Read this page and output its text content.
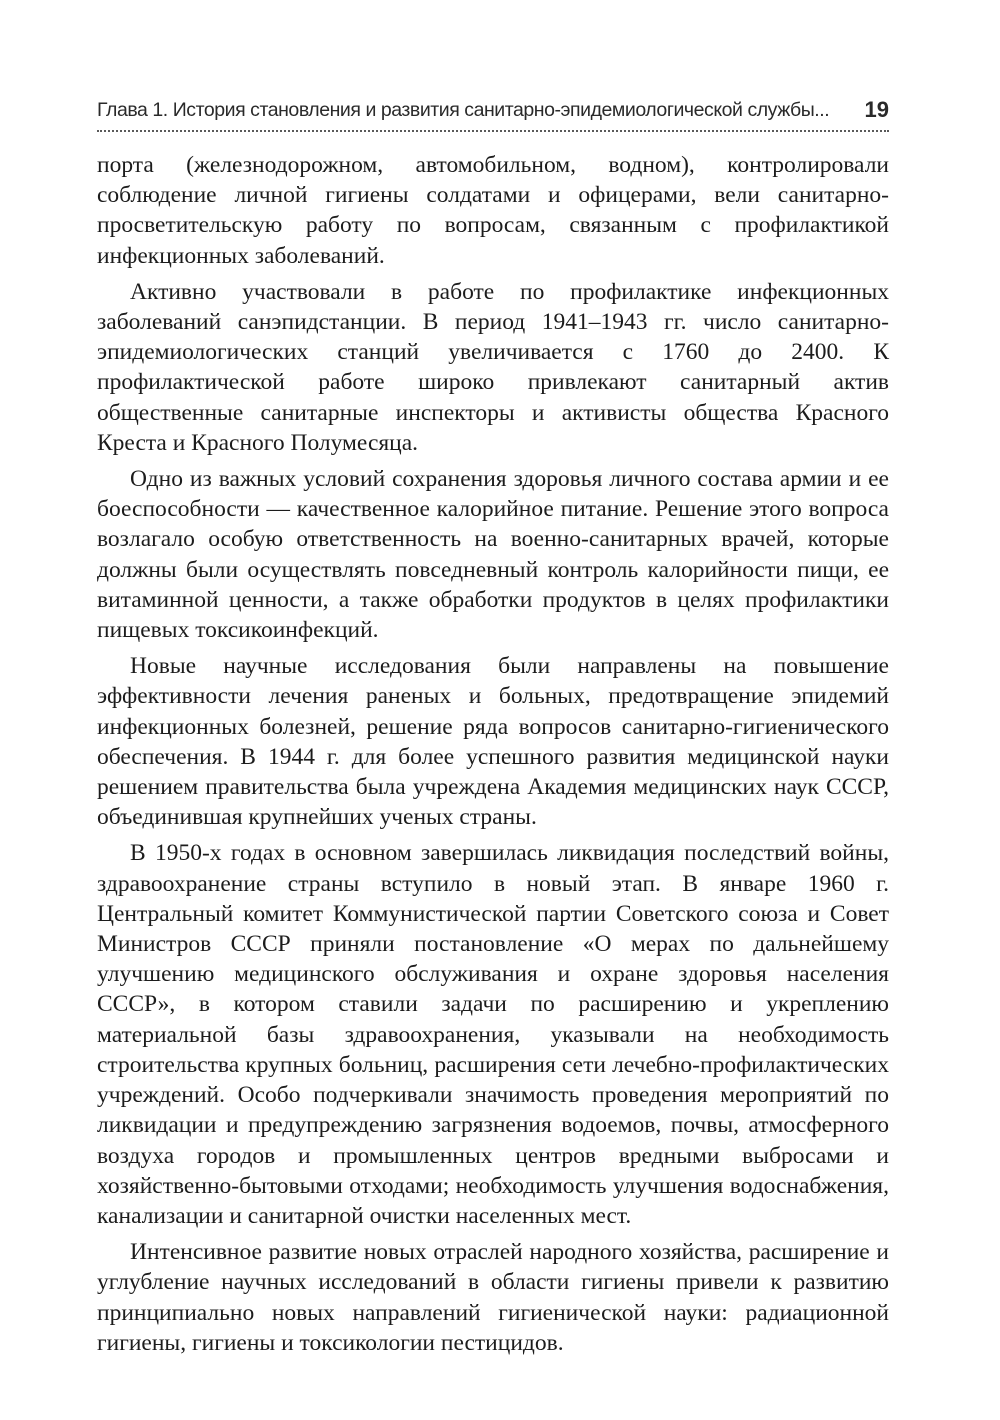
Глава 1. История становления и развития санитарно-эпидемиологической службы... 19

порта (железнодорожном, автомобильном, водном), контролировали соблюдение личной гигиены солдатами и офицерами, вели санитарно-просветительскую работу по вопросам, связанным с профилактикой инфекционных заболеваний.

Активно участвовали в работе по профилактике инфекционных заболеваний санэпидстанции. В период 1941–1943 гг. число санитарно-эпидемиологических станций увеличивается с 1760 до 2400. К профилактической работе широко привлекают санитарный актив общественные санитарные инспекторы и активисты общества Красного Креста и Красного Полумесяца.

Одно из важных условий сохранения здоровья личного состава армии и ее боеспособности — качественное калорийное питание. Решение этого вопроса возлагало особую ответственность на военно-санитарных врачей, которые должны были осуществлять повседневный контроль калорийности пищи, ее витаминной ценности, а также обработки продуктов в целях профилактики пищевых токсикоинфекций.

Новые научные исследования были направлены на повышение эффективности лечения раненых и больных, предотвращение эпидемий инфекционных болезней, решение ряда вопросов санитарно-гигиенического обеспечения. В 1944 г. для более успешного развития медицинской науки решением правительства была учреждена Академия медицинских наук СССР, объединившая крупнейших ученых страны.

В 1950-х годах в основном завершилась ликвидация последствий войны, здравоохранение страны вступило в новый этап. В январе 1960 г. Центральный комитет Коммунистической партии Советского союза и Совет Министров СССР приняли постановление «О мерах по дальнейшему улучшению медицинского обслуживания и охране здоровья населения СССР», в котором ставили задачи по расширению и укреплению материальной базы здравоохранения, указывали на необходимость строительства крупных больниц, расширения сети лечебно-профилактических учреждений. Особо подчеркивали значимость проведения мероприятий по ликвидации и предупреждению загрязнения водоемов, почвы, атмосферного воздуха городов и промышленных центров вредными выбросами и хозяйственно-бытовыми отходами; необходимость улучшения водоснабжения, канализации и санитарной очистки населенных мест.

Интенсивное развитие новых отраслей народного хозяйства, расширение и углубление научных исследований в области гигиены привели к развитию принципиально новых направлений гигиенической науки: радиационной гигиены, гигиены и токсикологии пестицидов.
